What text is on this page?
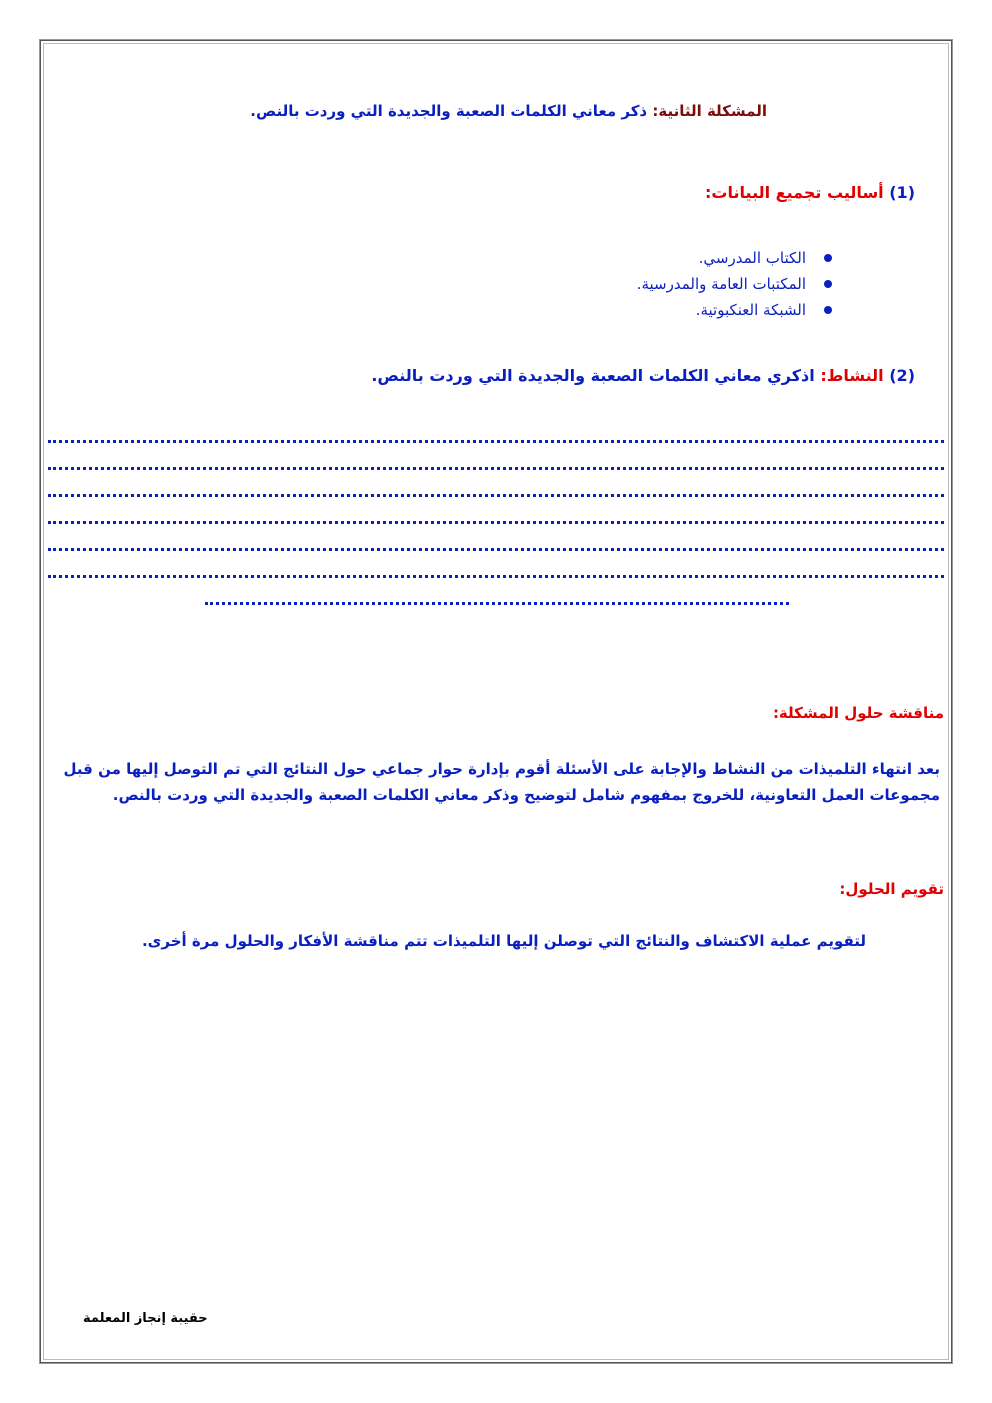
المشكلة الثانية: ذكر معاني الكلمات الصعبة والجديدة التي وردت بالنص.
(1) أساليب تجميع البيانات:
الكتاب المدرسي.
المكتبات العامة والمدرسية.
الشبكة العنكبوتية.
(2) النشاط: اذكري معاني الكلمات الصعبة والجديدة التي وردت بالنص.
مناقشة حلول المشكلة:
بعد انتهاء التلميذات من النشاط والإجابة على الأسئلة أقوم بإدارة حوار جماعي حول النتائج التي تم التوصل إليها من قبل مجموعات العمل التعاونية، للخروج بمفهوم شامل لتوضيح وذكر معاني الكلمات الصعبة والجديدة التي وردت بالنص.
تقويم الحلول:
لتقويم عملية الاكتشاف والنتائج التي توصلن إليها التلميذات تتم مناقشة الأفكار والحلول مرة أخرى.
حقيبة إنجاز المعلمة
